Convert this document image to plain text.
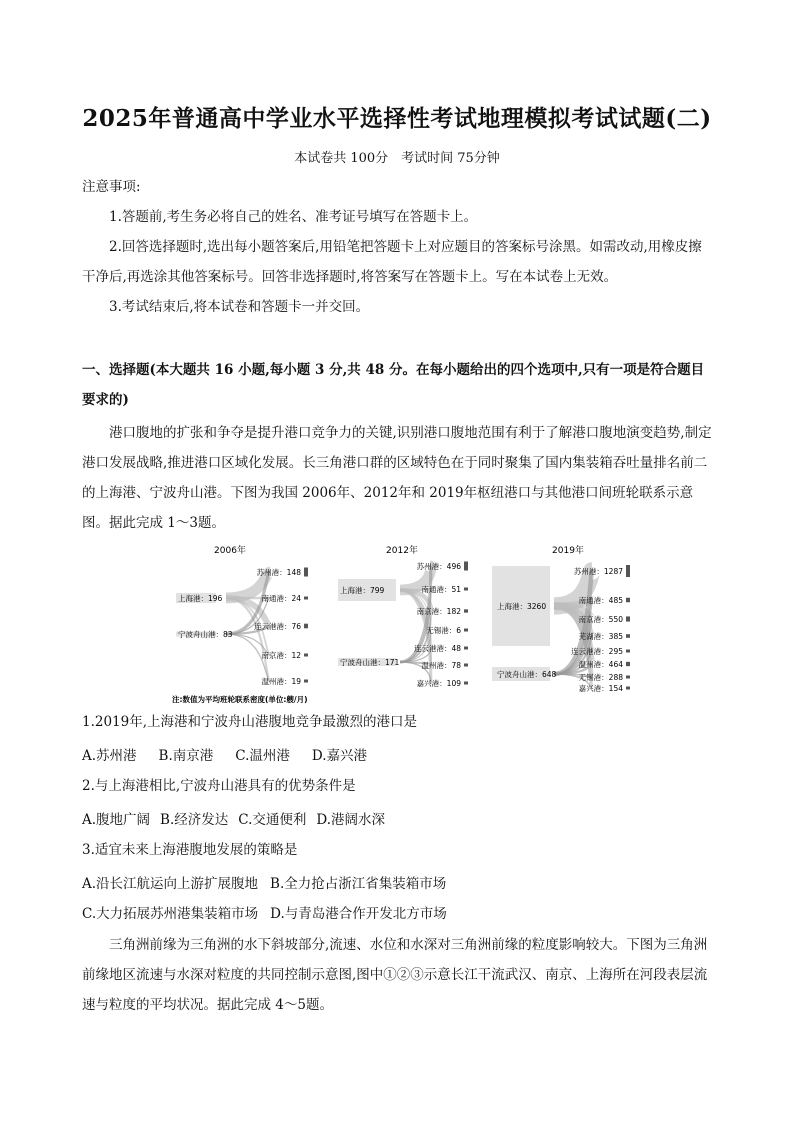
2025年普通高中学业水平选择性考试地理模拟考试试题(二)
本试卷共 100分　考试时间 75分钟
注意事项:
1.答题前,考生务必将自己的姓名、准考证号填写在答题卡上。
2.回答选择题时,选出每小题答案后,用铅笔把答题卡上对应题目的答案标号涂黑。如需改动,用橡皮擦干净后,再选涂其他答案标号。回答非选择题时,将答案写在答题卡上。写在本试卷上无效。
3.考试结束后,将本试卷和答题卡一并交回。
一、选择题(本大题共 16 小题,每小题 3 分,共 48 分。在每小题给出的四个选项中,只有一项是符合题目要求的)
港口腹地的扩张和争夺是提升港口竞争力的关键,识别港口腹地范围有利于了解港口腹地演变趋势,制定港口发展战略,推进港口区域化发展。长三角港口群的区域特色在于同时聚集了国内集装箱吞吐量排名前二的上海港、宁波舟山港。下图为我国 2006年、2012年和 2019年枢纽港口与其他港口间班轮联系示意图。据此完成 1～3题。
2006年
上海港：196
宁波舟山港：83
苏州港：148
南通港：24
连云港港：76
南京港：12
温州港：19
2012年
上海港：799
宁波舟山港：171
苏州港：496
南通港：51
南京港：182
无锡港：6
连云港港：48
温州港：78
嘉兴港：109
2019年
上海港：3260
宁波舟山港：648
苏州港：1287
南通港：485
南京港：550
芜湖港：385
连云港港：295
温州港：464
无锡港：288
嘉兴港：154
注:数值为平均班轮联系密度(单位:艘/月)
1.2019年,上海港和宁波舟山港腹地竞争最激烈的港口是
A.苏州港 B.南京港 C.温州港 D.嘉兴港
2.与上海港相比,宁波舟山港具有的优势条件是
A.腹地广阔 B.经济发达 C.交通便利 D.港阔水深
3.适宜未来上海港腹地发展的策略是
A.沿长江航运向上游扩展腹地 B.全力抢占浙江省集装箱市场
C.大力拓展苏州港集装箱市场 D.与青岛港合作开发北方市场
三角洲前缘为三角洲的水下斜坡部分,流速、水位和水深对三角洲前缘的粒度影响较大。下图为三角洲前缘地区流速与水深对粒度的共同控制示意图,图中①②③示意长江干流武汉、南京、上海所在河段表层流速与粒度的平均状况。据此完成 4～5题。
